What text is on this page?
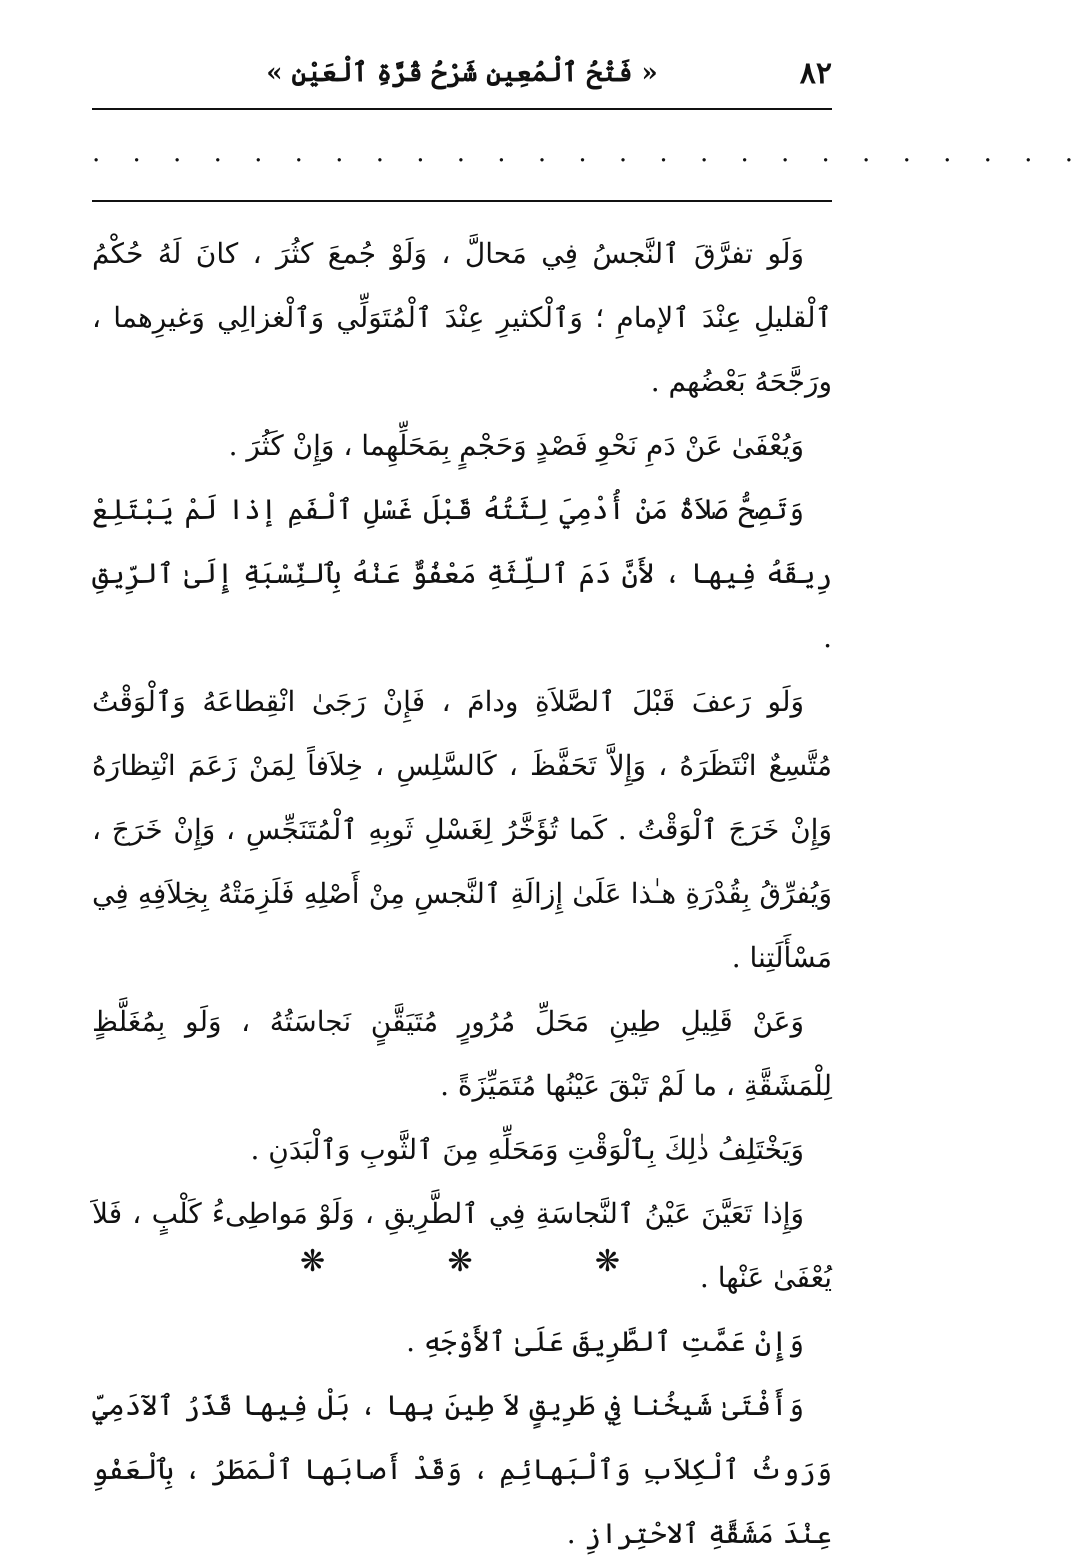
٨٢
« فَتْحُ ٱلْمُعِينِ شَرْحُ قُرَّةِ ٱلْعَيْنِ »
. . . . . . . . . . . . . . . . . . . . . . . . .

وَلَو تفرَّقَ ٱلنَّجسُ فِي مَحالَّ ، وَلَوْ جُمعَ كثُرَ ، كانَ لَهُ حُكْمُ ٱلْقليلِ عِنْدَ ٱلإمامِ ؛ وَٱلْكثيرِ عِنْدَ ٱلْمُتَوَلِّي وَٱلْغزالِي وَغيرِهما ، ورَجَّحَهُ بَعْضُهم .

وَيُعْفَىٰ عَنْ دَمِ نَحْوِ فَصْدٍ وَحَجْمٍ بِمَحَلِّهِما ، وَإِنْ كَثُرَ .

وَتَصِحُّ صَلاَةُ مَنْ أُدْمِيَ لِثَتُهُ قَبْلَ غَسْلِ ٱلْفَمِ إذا لَمْ يَبْتَلِعْ رِيقَهُ فِيها ، لأَنَّ دَمَ ٱللِّثَةِ مَعْفُوٌّ عَنْهُ بِٱلنِّسْبَةِ إِلَىٰ ٱلرِّيقِ .

وَلَو رَعفَ قَبْلَ ٱلصَّلاَةِ ودامَ ، فَإِنْ رَجَىٰ انْقِطاعَهُ وَٱلْوَقْتُ مُتَّسِعٌ انْتَظَرَهُ ، وَإِلاَّ تَحَفَّظَ ، كَالسَّلِسِ ، خِلاَفاً لِمَنْ زَعَمَ انْتِظارَهُ وَإِنْ خَرَجَ ٱلْوَقْتُ . كَما تُؤَخَّرُ لِغَسْلِ ثَوبِهِ ٱلْمُتَنَجِّسِ ، وَإِنْ خَرَجَ ، وَيُفرِّقُ بِقُدْرَةِ هـٰذا عَلَىٰ إِزالَةِ ٱلنَّجسِ مِنْ أَصْلِهِ فَلَزِمَتْهُ بِخِلاَفِهِ فِي مَسْأَلَتِنا .

وَعَنْ قَلِيلِ طِينِ مَحَلِّ مُرُورٍ مُتَيَقَّنٍ نَجاسَتُهُ ، وَلَو بِمُغَلَّظٍ لِلْمَشَقَّةِ ، ما لَمْ تَبْقَ عَيْنُها مُتَمَيِّزَةً .

وَيَخْتَلِفُ ذٰلِكَ بِٱلْوَقْتِ وَمَحَلِّهِ مِنَ ٱلثَّوبِ وَٱلْبَدَنِ .

وَإِذا تَعَيَّنَ عَيْنُ ٱلنَّجاسَةِ فِي ٱلطَّرِيقِ ، وَلَوْ مَواطِىءُ كَلْبٍ ، فَلاَ يُعْفَىٰ عَنْها .

وَإِنْ عَمَّتِ ٱلطَّرِيقَ عَلَىٰ ٱلأَوْجَهِ .

وَأَفْتَىٰ شَيخُنا فِي طَرِيقٍ لاَ طِينَ بِها ، بَلْ فِيها قَذَرُ ٱلآدَمِيِّ وَرَوثُ ٱلْكِلاَبِ وَٱلْبَهائِمِ ، وَقَدْ أَصابَها ٱلْمَطَرُ ، بِٱلْعَفْوِ عِنْدَ مَشَقَّةِ ٱلاحْتِرازِ .

❋
❋
❋
